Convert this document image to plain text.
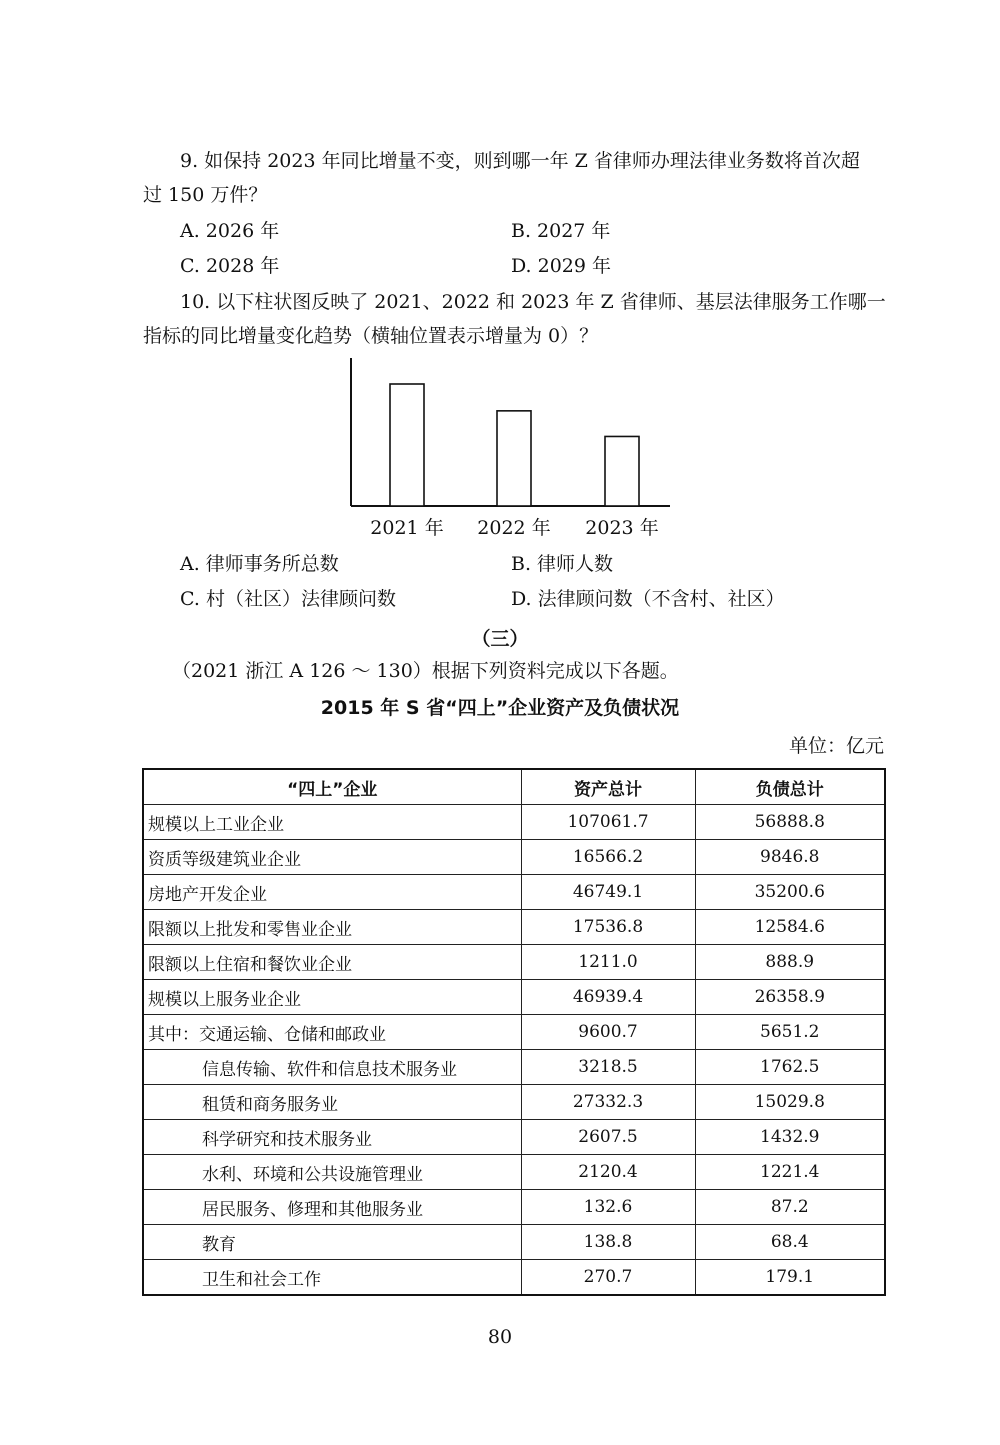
9. 如保持 2023 年同比增量不变，则到哪一年 Z 省律师办理法律业务数将首次超
过 150 万件？
A. 2026 年	B. 2027 年
C. 2028 年	D. 2029 年
10. 以下柱状图反映了 2021、2022 和 2023 年 Z 省律师、基层法律服务工作哪一
指标的同比增量变化趋势（横轴位置表示增量为 0）？
2021 年 2022 年 2023 年
A. 律师事务所总数	B. 律师人数
C. 村（社区）法律顾问数	D. 法律顾问数（不含村、社区）
（三）
（2021 浙江 A 126 ～ 130）根据下列资料完成以下各题。
2015 年 S 省“四上”企业资产及负债状况
单位：亿元
“四上”企业	资产总计	负债总计
规模以上工业企业	107061.7	56888.8
资质等级建筑业企业	16566.2	9846.8
房地产开发企业	46749.1	35200.6
限额以上批发和零售业企业	17536.8	12584.6
限额以上住宿和餐饮业企业	1211.0	888.9
规模以上服务业企业	46939.4	26358.9
其中：交通运输、仓储和邮政业	9600.7	5651.2
信息传输、软件和信息技术服务业	3218.5	1762.5
租赁和商务服务业	27332.3	15029.8
科学研究和技术服务业	2607.5	1432.9
水利、环境和公共设施管理业	2120.4	1221.4
居民服务、修理和其他服务业	132.6	87.2
教育	138.8	68.4
卫生和社会工作	270.7	179.1
80
